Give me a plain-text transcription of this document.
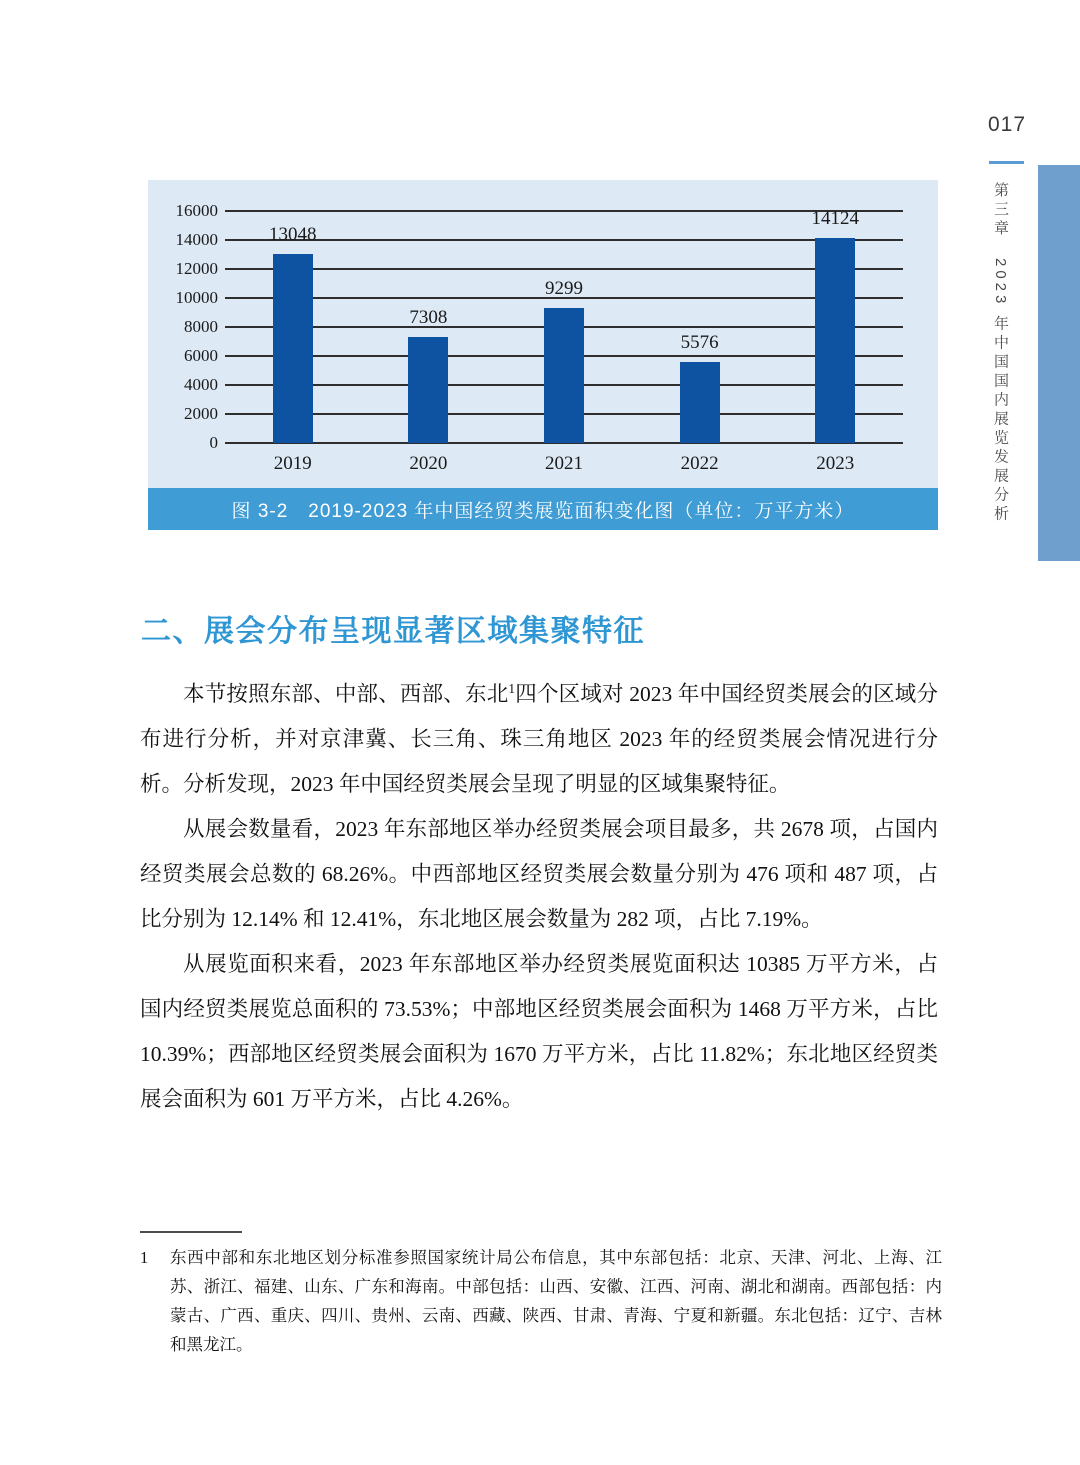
017
第三章　2023 年中国国内展览发展分析
0
2000
4000
6000
8000
10000
12000
14000
16000
13048
2019
7308
2020
9299
2021
5576
2022
14124
2023
图 3-2　2019-2023 年中国经贸类展览面积变化图（单位：万平方米）
二、展会分布呈现显著区域集聚特征

本节按照东部、中部、西部、东北$^1$四个区域对 2023 年中国经贸类展会的区域分布进行分析，并对京津冀、长三角、珠三角地区 2023 年的经贸类展会情况进行分析。分析发现，2023 年中国经贸类展会呈现了明显的区域集聚特征。

从展会数量看，2023 年东部地区举办经贸类展会项目最多，共 2678 项，占国内经贸类展会总数的 68.26%。中西部地区经贸类展会数量分别为 476 项和 487 项，占比分别为 12.14% 和 12.41%，东北地区展会数量为 282 项，占比 7.19%。

从展览面积来看，2023 年东部地区举办经贸类展览面积达 10385 万平方米，占国内经贸类展览总面积的 73.53%；中部地区经贸类展会面积为 1468 万平方米，占比 10.39%；西部地区经贸类展会面积为 1670 万平方米，占比 11.82%；东北地区经贸类展会面积为 601 万平方米，占比 4.26%。

1	东西中部和东北地区划分标准参照国家统计局公布信息，其中东部包括：北京、天津、河北、上海、江苏、浙江、福建、山东、广东和海南。中部包括：山西、安徽、江西、河南、湖北和湖南。西部包括：内蒙古、广西、重庆、四川、贵州、云南、西藏、陕西、甘肃、青海、宁夏和新疆。东北包括：辽宁、吉林和黑龙江。
